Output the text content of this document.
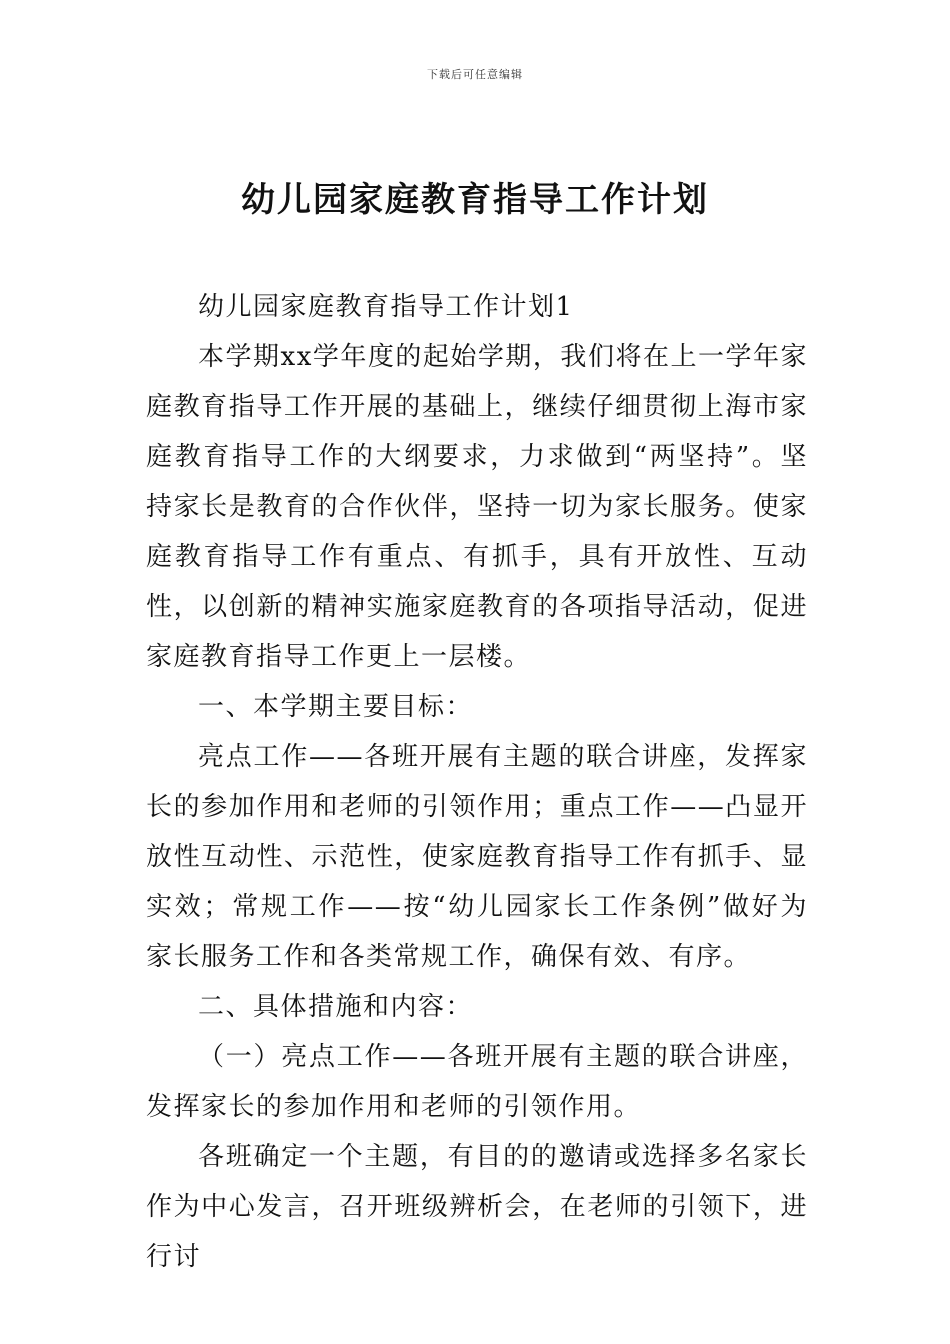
下载后可任意编辑
幼儿园家庭教育指导工作计划

幼儿园家庭教育指导工作计划1

本学期xx学年度的起始学期，我们将在上一学年家庭教育指导工作开展的基础上，继续仔细贯彻上海市家庭教育指导工作的大纲要求，力求做到“两坚持”。坚持家长是教育的合作伙伴，坚持一切为家长服务。使家庭教育指导工作有重点、有抓手，具有开放性、互动性，以创新的精神实施家庭教育的各项指导活动，促进家庭教育指导工作更上一层楼。

一、本学期主要目标：

亮点工作——各班开展有主题的联合讲座，发挥家长的参加作用和老师的引领作用；重点工作——凸显开放性互动性、示范性，使家庭教育指导工作有抓手、显实效；常规工作——按“幼儿园家长工作条例”做好为家长服务工作和各类常规工作，确保有效、有序。

二、具体措施和内容：

（一）亮点工作——各班开展有主题的联合讲座，发挥家长的参加作用和老师的引领作用。

各班确定一个主题，有目的的邀请或选择多名家长作为中心发言，召开班级辨析会，在老师的引领下，进行讨
